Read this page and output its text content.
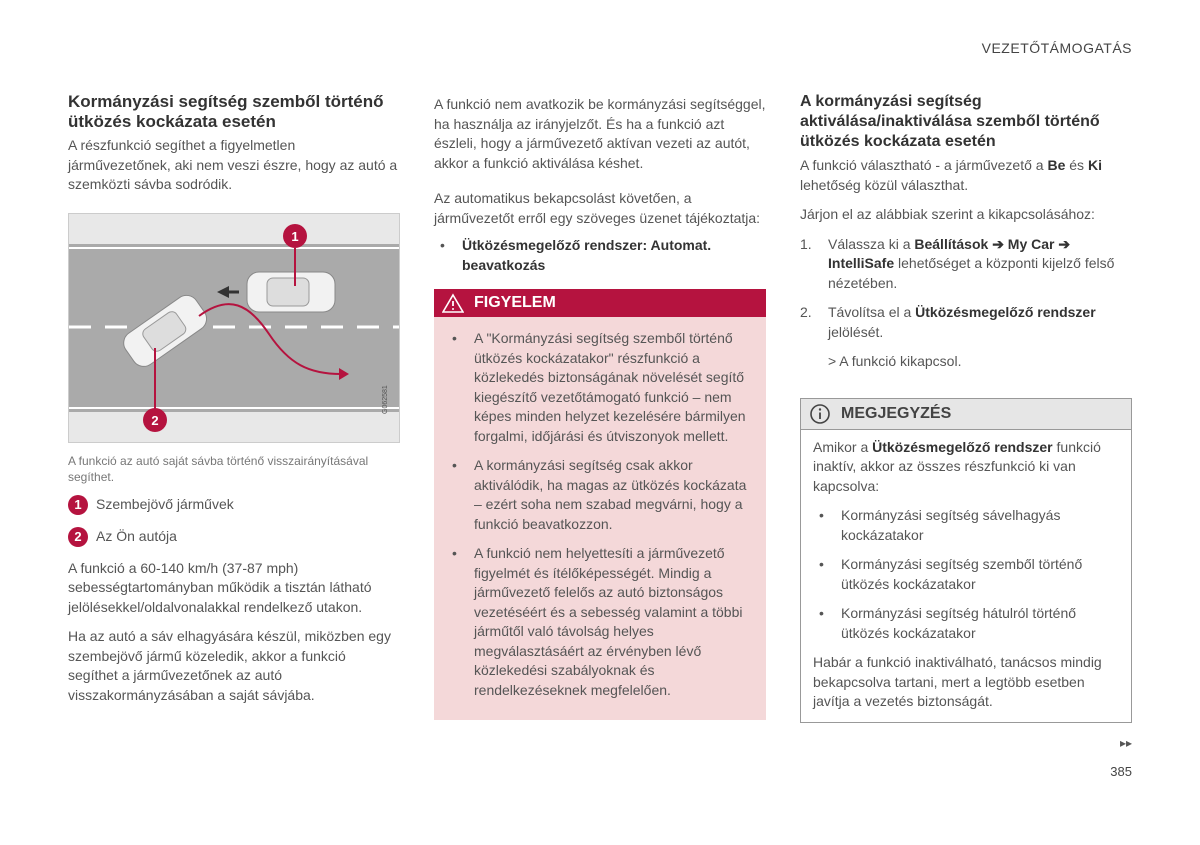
VEZETŐTÁMOGATÁS
Kormányzási segítség szemből történő ütközés kockázata esetén

A részfunkció segíthet a figyelmetlen járművezetőnek, aki nem veszi észre, hogy az autó a szemközti sávba sodródik.

1
2
G062581
A funkció az autó saját sávba történő visszairányításával segíthet.
1	Szembejövő járművek
2	Az Ön autója

A funkció a 60-140 km/h (37-87 mph) sebességtartományban működik a tisztán látható jelölésekkel/oldalvonalakkal rendelkező utakon.

Ha az autó a sáv elhagyására készül, miközben egy szembejövő jármű közeledik, akkor a funkció segíthet a járművezetőnek az autó visszakormányzásában a saját sávjába.

A funkció nem avatkozik be kormányzási segítséggel, ha használja az irányjelzőt. És ha a funkció azt észleli, hogy a járművezető aktívan vezeti az autót, akkor a funkció aktiválása késhet.

Az automatikus bekapcsolást követően, a járművezetőt erről egy szöveges üzenet tájékoztatja:

• Ütközésmegelőző rendszer: Automat. beavatkozás
FIGYELEM
• A "Kormányzási segítség szemből történő ütközés kockázatakor" részfunkció a közlekedés biztonságának növelését segítő kiegészítő vezetőtámogató funkció – nem képes minden helyzet kezelésére bármilyen forgalmi, időjárási és útviszonyok mellett.
• A kormányzási segítség csak akkor aktiválódik, ha magas az ütközés kockázata – ezért soha nem szabad megvárni, hogy a funkció beavatkozzon.
• A funkció nem helyettesíti a járművezető figyelmét és ítélőképességét. Mindig a járművezető felelős az autó biztonságos vezetéséért és a sebesség valamint a többi járműtől való távolság helyes megválasztásáért az érvényben lévő közlekedési szabályoknak és rendelkezéseknek megfelelően.
A kormányzási segítség aktiválása/inaktiválása szemből történő ütközés kockázata esetén

A funkció választható - a járművezető a Be és Ki lehetőség közül választhat.

Járjon el az alábbiak szerint a kikapcsolásához:

1. Válassza ki a Beállítások ➔ My Car ➔ IntelliSafe lehetőséget a központi kijelző felső nézetében.
2. Távolítsa el a Ütközésmegelőző rendszer jelölését.
> A funkció kikapcsol.
MEGJEGYZÉS

Amikor a Ütközésmegelőző rendszer funkció inaktív, akkor az összes részfunkció ki van kapcsolva:

• Kormányzási segítség sávelhagyás kockázatakor
• Kormányzási segítség szemből történő ütközés kockázatakor
• Kormányzási segítség hátulról történő ütközés kockázatakor

Habár a funkció inaktiválható, tanácsos mindig bekapcsolva tartani, mert a legtöbb esetben javítja a vezetés biztonságát.

▸▸
385
